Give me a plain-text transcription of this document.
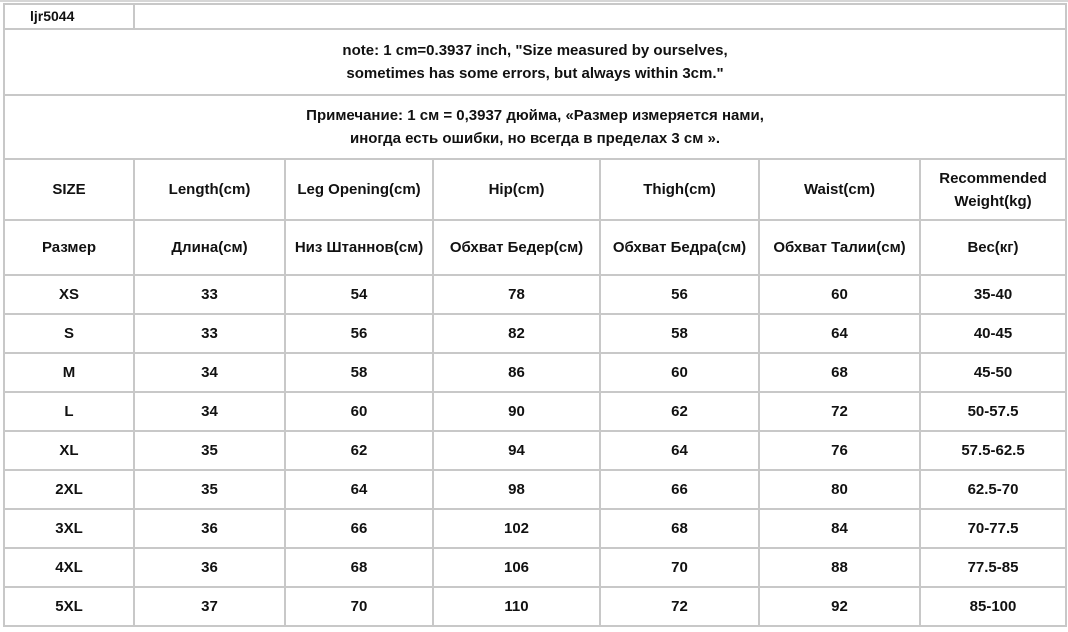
ljr5044						

note: 1 cm=0.3937 inch, "Size measured by ourselves,
sometimes has some errors, but always within 3cm."						

Примечание: 1 см = 0,3937 дюйма, «Размер измеряется нами,
иногда есть ошибки, но всегда в пределах 3 см ».						

SIZE	Length(cm)	Leg Opening(cm)	Hip(cm)	Thigh(cm)	Waist(cm)	Recommended Weight(kg)
Размер	Длина(см)	Низ Штаннов(см)	Обхват Бедер(см)	Обхват Бедра(см)	Обхват Талии(см)	Вес(кг)
XS	33	54	78	56	60	35-40
S	33	56	82	58	64	40-45
M	34	58	86	60	68	45-50
L	34	60	90	62	72	50-57.5
XL	35	62	94	64	76	57.5-62.5
2XL	35	64	98	66	80	62.5-70
3XL	36	66	102	68	84	70-77.5
4XL	36	68	106	70	88	77.5-85
5XL	37	70	110	72	92	85-100
